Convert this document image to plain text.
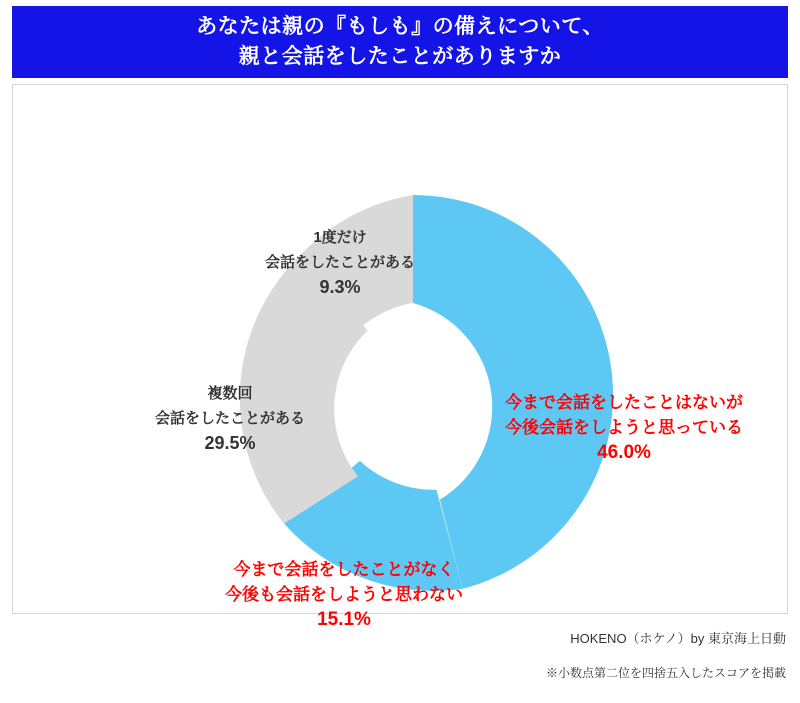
あなたは親の『もしも』の備えについて、
親と会話をしたことがありますか
今まで会話をしたことはないが
今後会話をしようと思っている
46.0%
今まで会話をしたことがなく
今後も会話をしようと思わない
15.1%
複数回
会話をしたことがある
29.5%
1度だけ
会話をしたことがある
9.3%
HOKENO（ホケノ）by 東京海上日動
※小数点第二位を四捨五入したスコアを掲載
